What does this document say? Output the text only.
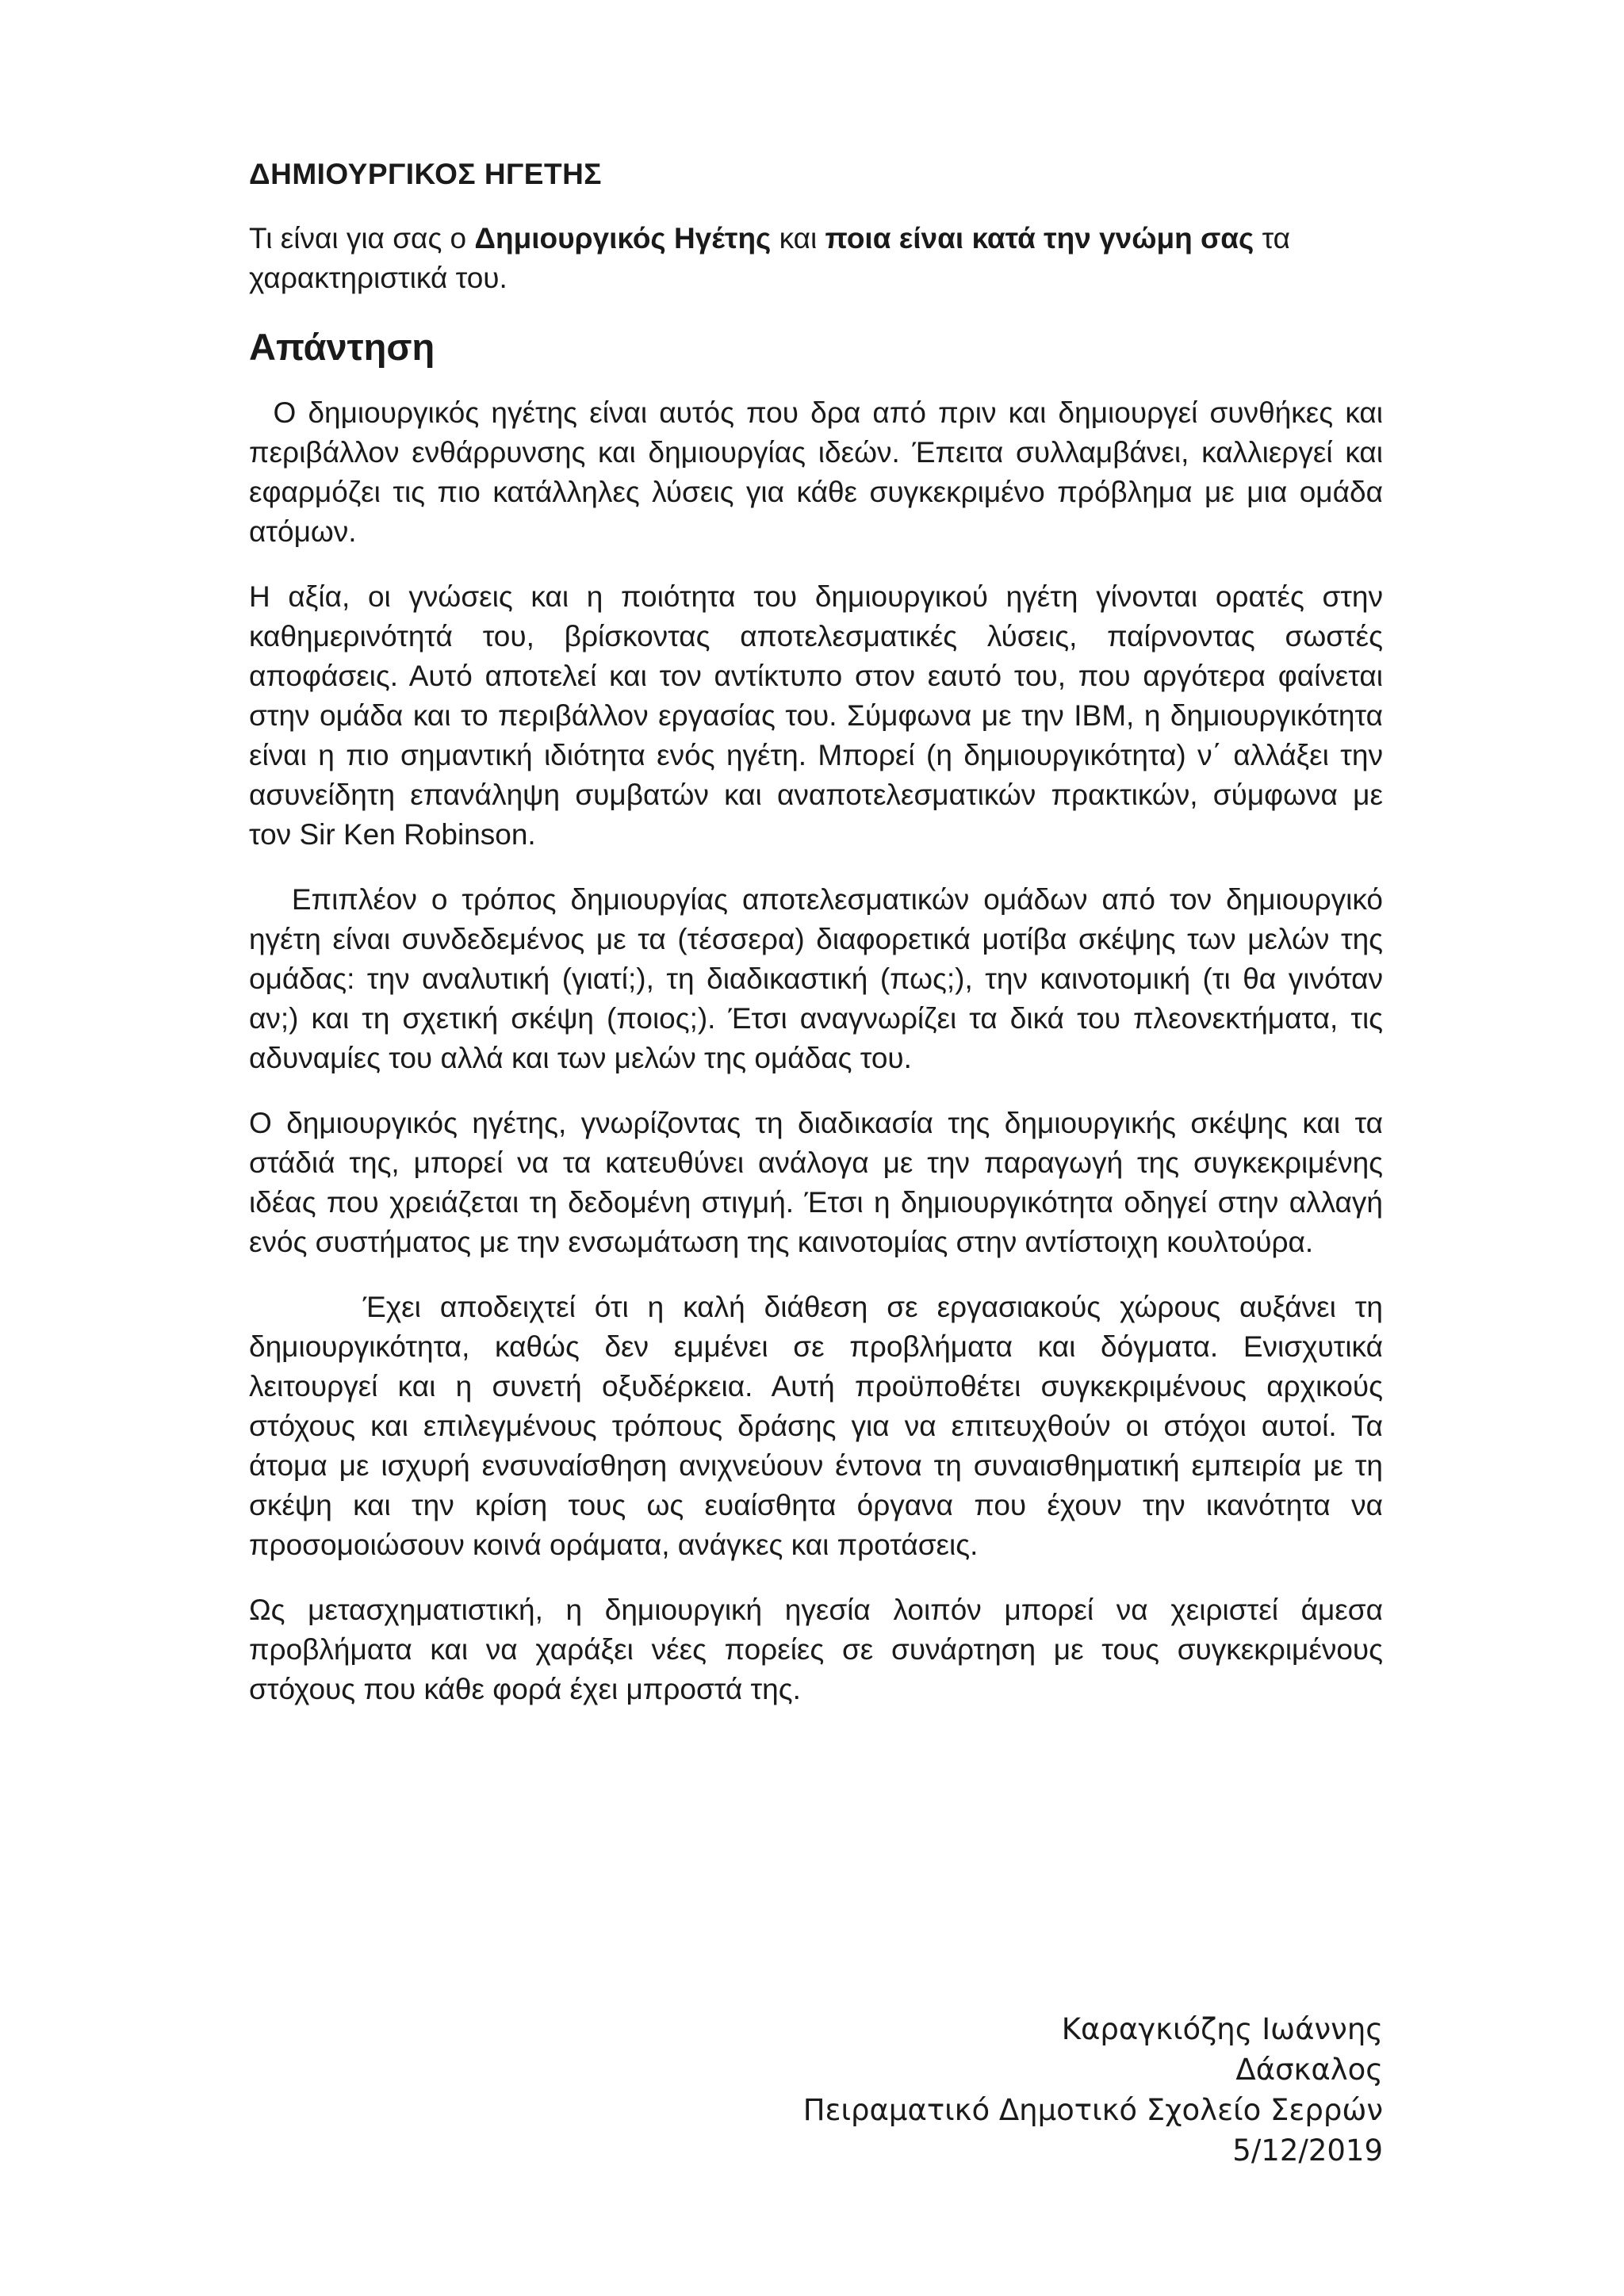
ΔΗΜΙΟΥΡΓΙΚΟΣ ΗΓΕΤΗΣ
Τι είναι για σας ο Δημιουργικός Ηγέτης και ποια είναι κατά την γνώμη σας τα χαρακτηριστικά του.
Απάντηση

Ο δημιουργικός ηγέτης είναι αυτός που δρα από πριν και δημιουργεί συνθήκες και περιβάλλον ενθάρρυνσης και δημιουργίας ιδεών. Έπειτα συλλαμβάνει, καλλιεργεί και εφαρμόζει τις πιο κατάλληλες λύσεις για κάθε συγκεκριμένο πρόβλημα με μια ομάδα ατόμων.

Η αξία, οι γνώσεις και η ποιότητα του δημιουργικού ηγέτη γίνονται ορατές στην καθημερινότητά του, βρίσκοντας αποτελεσματικές λύσεις, παίρνοντας σωστές αποφάσεις. Αυτό αποτελεί και τον αντίκτυπο στον εαυτό του, που αργότερα φαίνεται στην ομάδα και το περιβάλλον εργασίας του. Σύμφωνα με την IBM, η δημιουργικότητα είναι η πιο σημαντική ιδιότητα ενός ηγέτη. Μπορεί (η δημιουργικότητα) ν΄ αλλάξει την ασυνείδητη επανάληψη συμβατών και αναποτελεσματικών πρακτικών, σύμφωνα με τον Sir Ken Robinson.

Επιπλέον ο τρόπος δημιουργίας αποτελεσματικών ομάδων από τον δημιουργικό ηγέτη είναι συνδεδεμένος με τα (τέσσερα) διαφορετικά μοτίβα σκέψης των μελών της ομάδας: την αναλυτική (γιατί;), τη διαδικαστική (πως;), την καινοτομική (τι θα γινόταν αν;) και τη σχετική σκέψη (ποιος;). Έτσι αναγνωρίζει τα δικά του πλεονεκτήματα, τις αδυναμίες του αλλά και των μελών της ομάδας του.

Ο δημιουργικός ηγέτης, γνωρίζοντας τη διαδικασία της δημιουργικής σκέψης και τα στάδιά της, μπορεί να τα κατευθύνει ανάλογα με την παραγωγή της συγκεκριμένης ιδέας που χρειάζεται τη δεδομένη στιγμή. Έτσι η δημιουργικότητα οδηγεί στην αλλαγή ενός συστήματος με την ενσωμάτωση της καινοτομίας στην αντίστοιχη κουλτούρα.

Έχει αποδειχτεί ότι η καλή διάθεση σε εργασιακούς χώρους αυξάνει τη δημιουργικότητα, καθώς δεν εμμένει σε προβλήματα και δόγματα. Ενισχυτικά λειτουργεί και η συνετή οξυδέρκεια. Αυτή προϋποθέτει συγκεκριμένους αρχικούς στόχους και επιλεγμένους τρόπους δράσης για να επιτευχθούν οι στόχοι αυτοί. Τα άτομα με ισχυρή ενσυναίσθηση ανιχνεύουν έντονα τη συναισθηματική εμπειρία με τη σκέψη και την κρίση τους ως ευαίσθητα όργανα που έχουν την ικανότητα να προσομοιώσουν κοινά οράματα, ανάγκες και προτάσεις.

Ως μετασχηματιστική, η δημιουργική ηγεσία λοιπόν μπορεί να χειριστεί άμεσα προβλήματα και να χαράξει νέες πορείες σε συνάρτηση με τους συγκεκριμένους στόχους που κάθε φορά έχει μπροστά της.

Καραγκιόζης Ιωάννης
Δάσκαλος
Πειραματικό Δημοτικό Σχολείο Σερρών
5/12/2019
